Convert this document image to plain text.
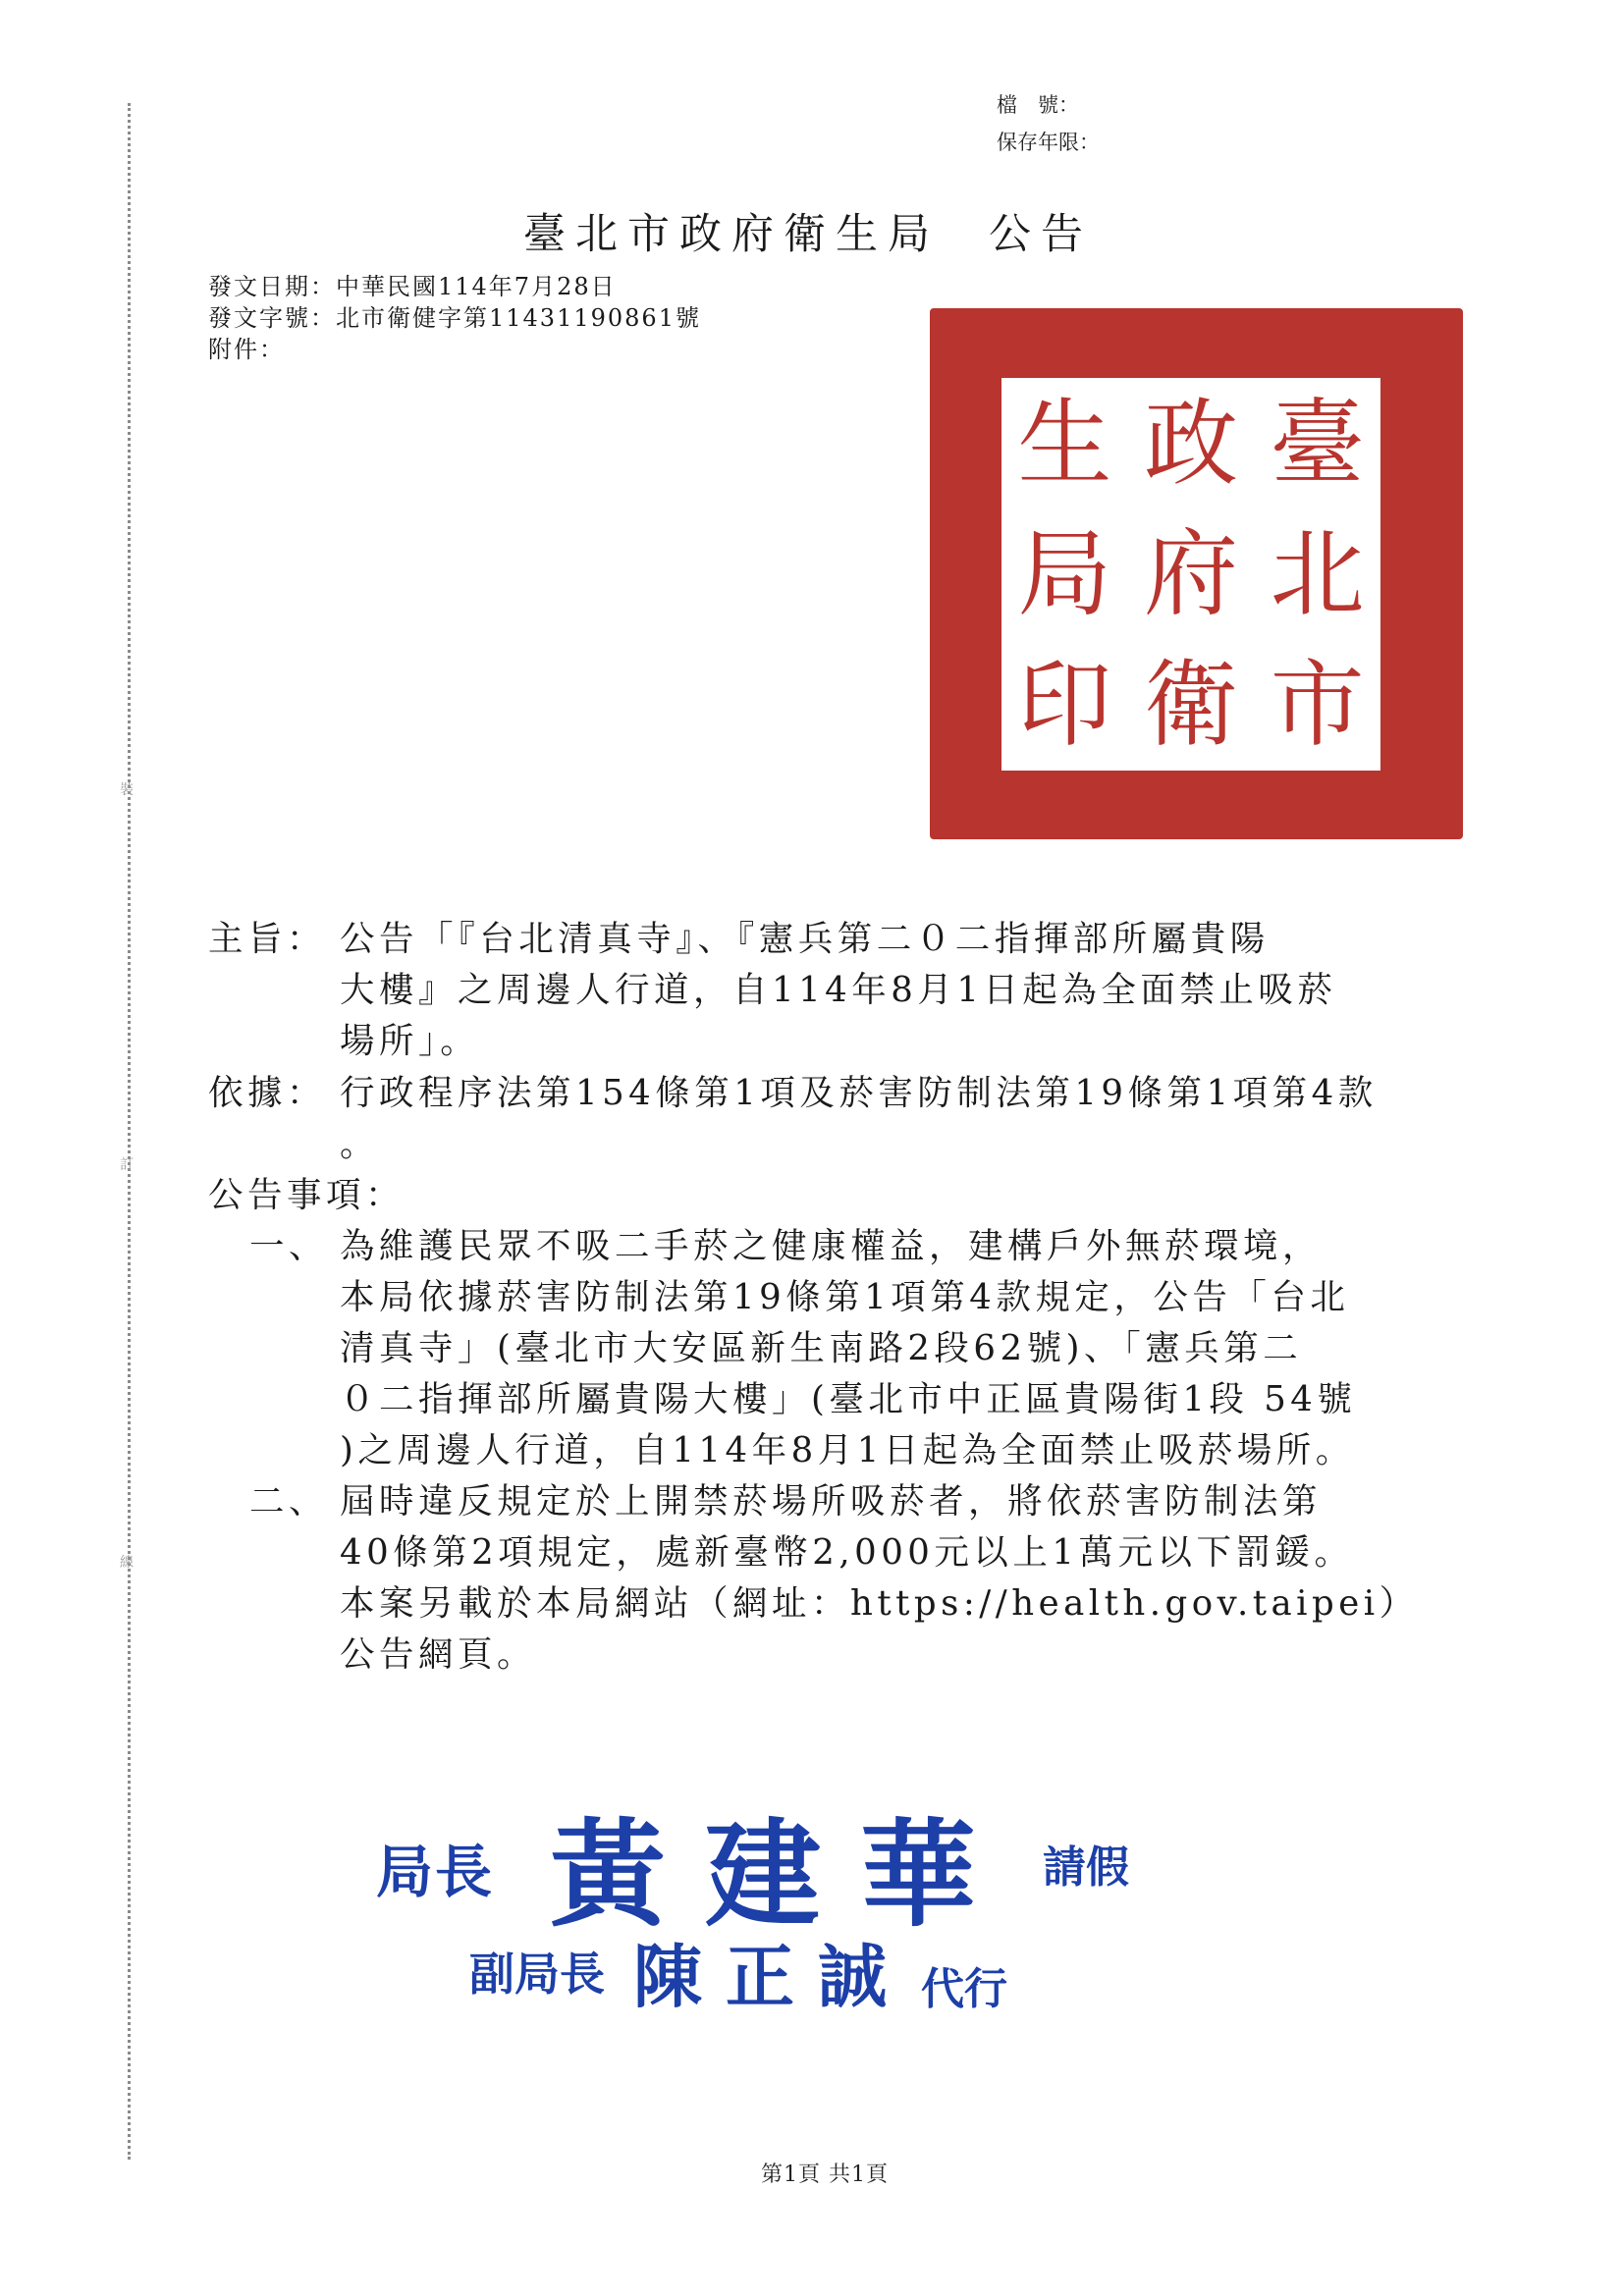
裝
訂
線
檔　號：
保存年限：
臺北市政府衛生局 公告
發文日期：中華民國114年7月28日
發文字號：北市衛健字第11431190861號
附件：
臺
北
市
政
府
衛
生
局
印
主旨： 公告「『台北清真寺』、『憲兵第二０二指揮部所屬貴陽
大樓』之周邊人行道，自114年8月1日起為全面禁止吸菸
場所」。
依據： 行政程序法第154條第1項及菸害防制法第19條第1項第4款
。
公告事項：
一、 為維護民眾不吸二手菸之健康權益，建構戶外無菸環境，
本局依據菸害防制法第19條第1項第4款規定，公告「台北
清真寺」(臺北市大安區新生南路2段62號)、「憲兵第二
０二指揮部所屬貴陽大樓」(臺北市中正區貴陽街1段 54號
)之周邊人行道，自114年8月1日起為全面禁止吸菸場所。
二、 屆時違反規定於上開禁菸場所吸菸者，將依菸害防制法第
40條第2項規定，處新臺幣2,000元以上1萬元以下罰鍰。
本案另載於本局網站（網址：https://health.gov.taipei）
公告網頁。
局長 黃建華 請假
副局長 陳正誠 代行
第1頁 共1頁
